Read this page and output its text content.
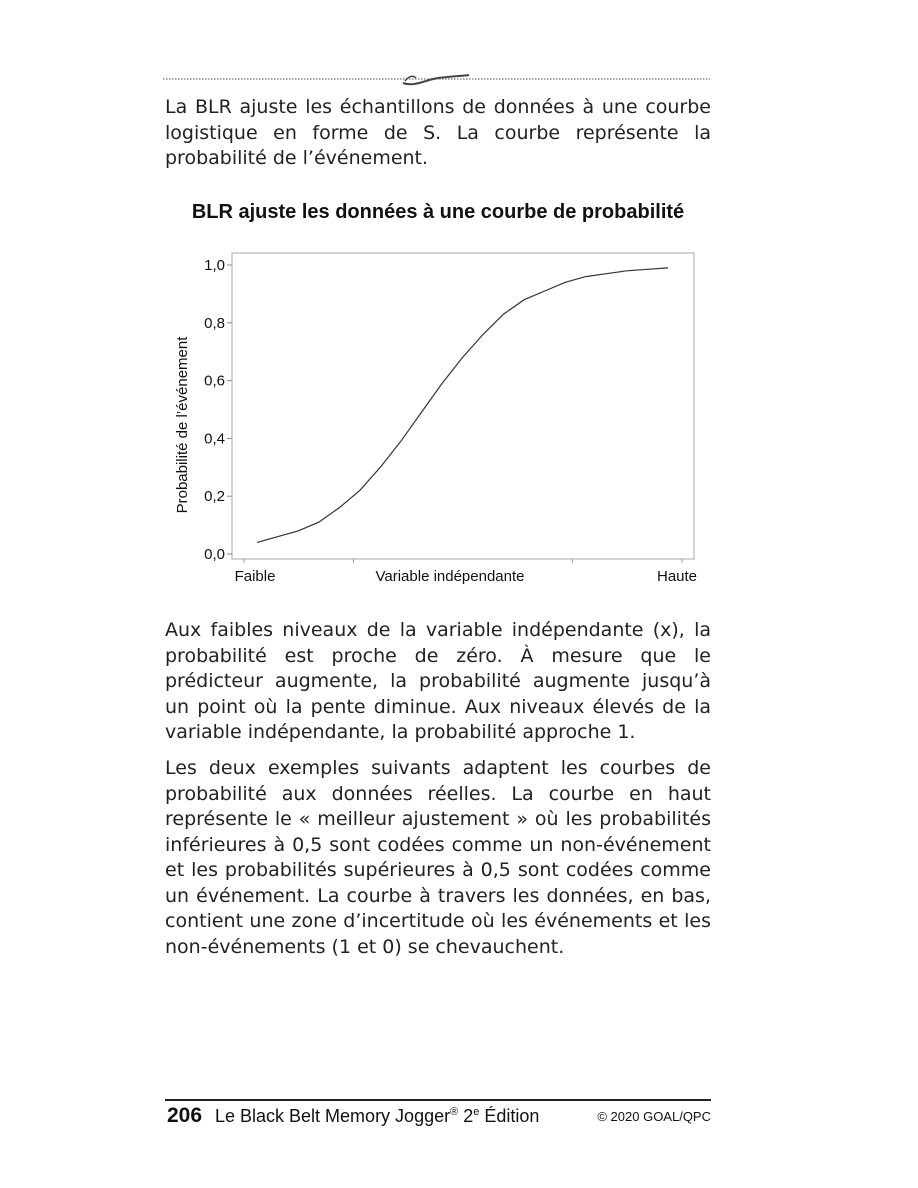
La BLR ajuste les échantillons de données à une courbe logistique en forme de S. La courbe représente la probabilité de l’événement.

BLR ajuste les données à une courbe de probabilité
0,0
0,2
0,4
0,6
0,8
1,0
Probabilité de l’événement
Faible	Variable indépendante	Haute

Aux faibles niveaux de la variable indépendante (x), la probabilité est proche de zéro. À mesure que le prédicteur augmente, la probabilité augmente jusqu’à un point où la pente diminue. Aux niveaux élevés de la variable indépendante, la probabilité approche 1.

Les deux exemples suivants adaptent les courbes de probabilité aux données réelles. La courbe en haut représente le « meilleur ajustement » où les probabilités inférieures à 0,5 sont codées comme un non-événement et les probabilités supérieures à 0,5 sont codées comme un événement. La courbe à travers les données, en bas, contient une zone d’incertitude où les événements et les non-événements (1 et 0) se chevauchent.

206 Le Black Belt Memory Jogger® 2e Édition	© 2020 GOAL/QPC
